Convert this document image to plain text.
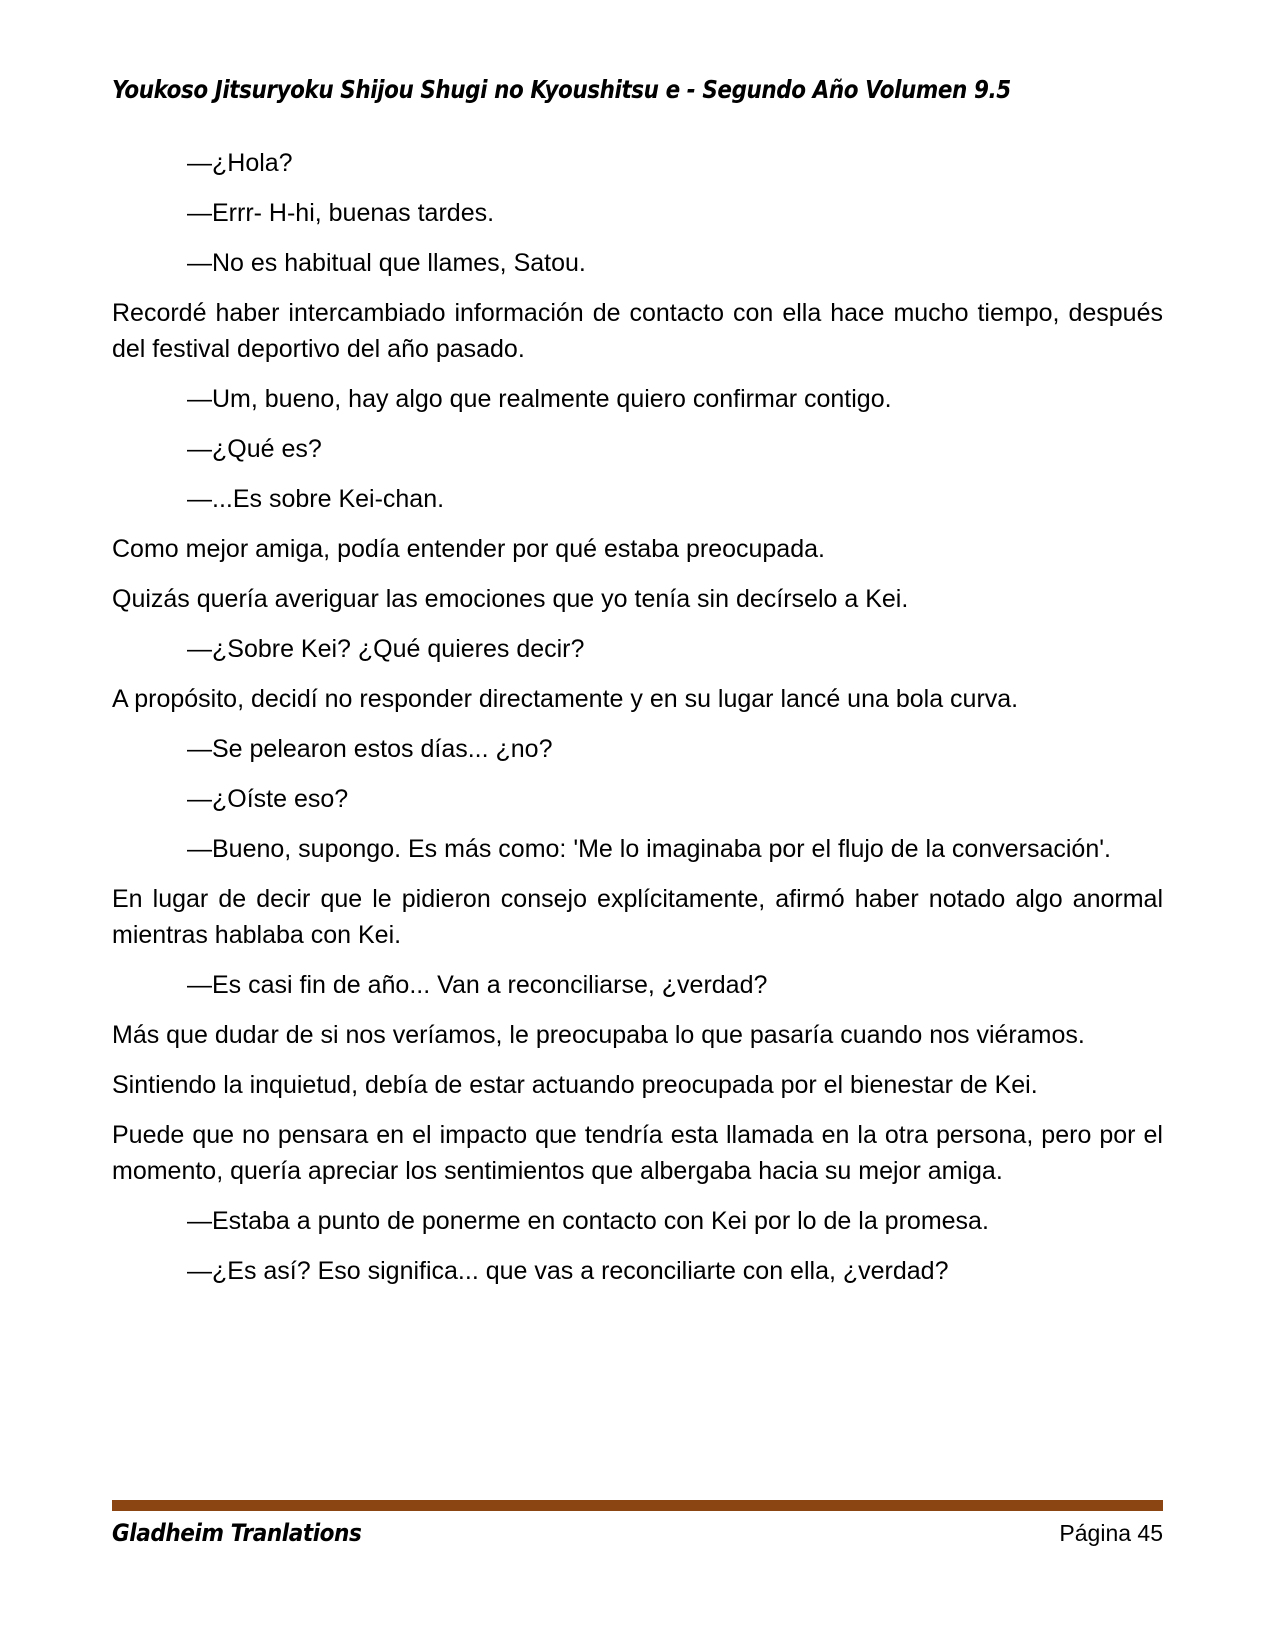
Youkoso Jitsuryoku Shijou Shugi no Kyoushitsu e - Segundo Año Volumen 9.5

—¿Hola?

—Errr- H-hi, buenas tardes.

—No es habitual que llames, Satou.

Recordé haber intercambiado información de contacto con ella hace mucho tiempo, después del festival deportivo del año pasado.

—Um, bueno, hay algo que realmente quiero confirmar contigo.

—¿Qué es?

—...Es sobre Kei-chan.

Como mejor amiga, podía entender por qué estaba preocupada.

Quizás quería averiguar las emociones que yo tenía sin decírselo a Kei.

—¿Sobre Kei? ¿Qué quieres decir?

A propósito, decidí no responder directamente y en su lugar lancé una bola curva.

—Se pelearon estos días... ¿no?

—¿Oíste eso?

—Bueno, supongo. Es más como: 'Me lo imaginaba por el flujo de la conversación'.

En lugar de decir que le pidieron consejo explícitamente, afirmó haber notado algo anormal mientras hablaba con Kei.

—Es casi fin de año... Van a reconciliarse, ¿verdad?

Más que dudar de si nos veríamos, le preocupaba lo que pasaría cuando nos viéramos.

Sintiendo la inquietud, debía de estar actuando preocupada por el bienestar de Kei.

Puede que no pensara en el impacto que tendría esta llamada en la otra persona, pero por el momento, quería apreciar los sentimientos que albergaba hacia su mejor amiga.

—Estaba a punto de ponerme en contacto con Kei por lo de la promesa.

—¿Es así? Eso significa... que vas a reconciliarte con ella, ¿verdad?

Gladheim Tranlations	Página 45
